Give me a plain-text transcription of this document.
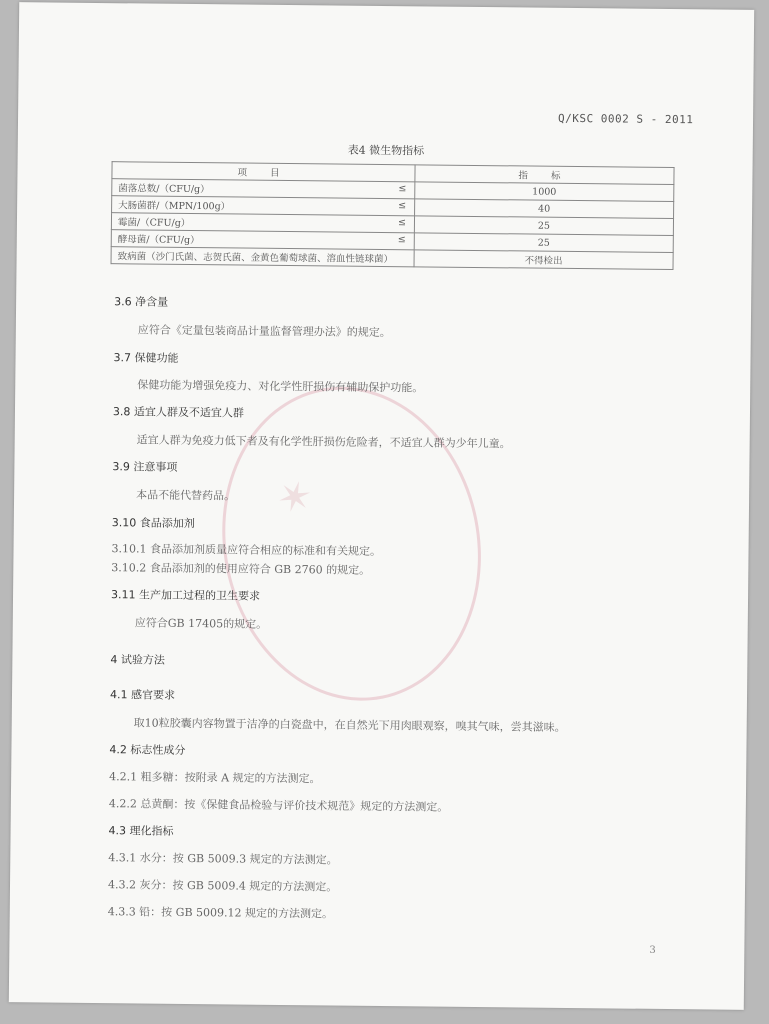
Q/KSC 0002 S - 2011
表4 微生物指标
项 目	指 标
菌落总数/（CFU/g） ≤	1000
大肠菌群/（MPN/100g） ≤	40
霉菌/（CFU/g） ≤	25
酵母菌/（CFU/g） ≤	25
致病菌（沙门氏菌、志贺氏菌、金黄色葡萄球菌、溶血性链球菌）	不得检出
✶
3.6 净含量
应符合《定量包装商品计量监督管理办法》的规定。
3.7 保健功能
保健功能为增强免疫力、对化学性肝损伤有辅助保护功能。
3.8 适宜人群及不适宜人群
适宜人群为免疫力低下者及有化学性肝损伤危险者，不适宜人群为少年儿童。
3.9 注意事项
本品不能代替药品。
3.10 食品添加剂
3.10.1 食品添加剂质量应符合相应的标准和有关规定。
3.10.2 食品添加剂的使用应符合 GB 2760 的规定。
3.11 生产加工过程的卫生要求
应符合GB 17405的规定。
4 试验方法
4.1 感官要求
取10粒胶囊内容物置于洁净的白瓷盘中，在自然光下用肉眼观察，嗅其气味，尝其滋味。
4.2 标志性成分
4.2.1 粗多糖：按附录 A 规定的方法测定。
4.2.2 总黄酮：按《保健食品检验与评价技术规范》规定的方法测定。
4.3 理化指标
4.3.1 水分：按 GB 5009.3 规定的方法测定。
4.3.2 灰分：按 GB 5009.4 规定的方法测定。
4.3.3 铅：按 GB 5009.12 规定的方法测定。
3
